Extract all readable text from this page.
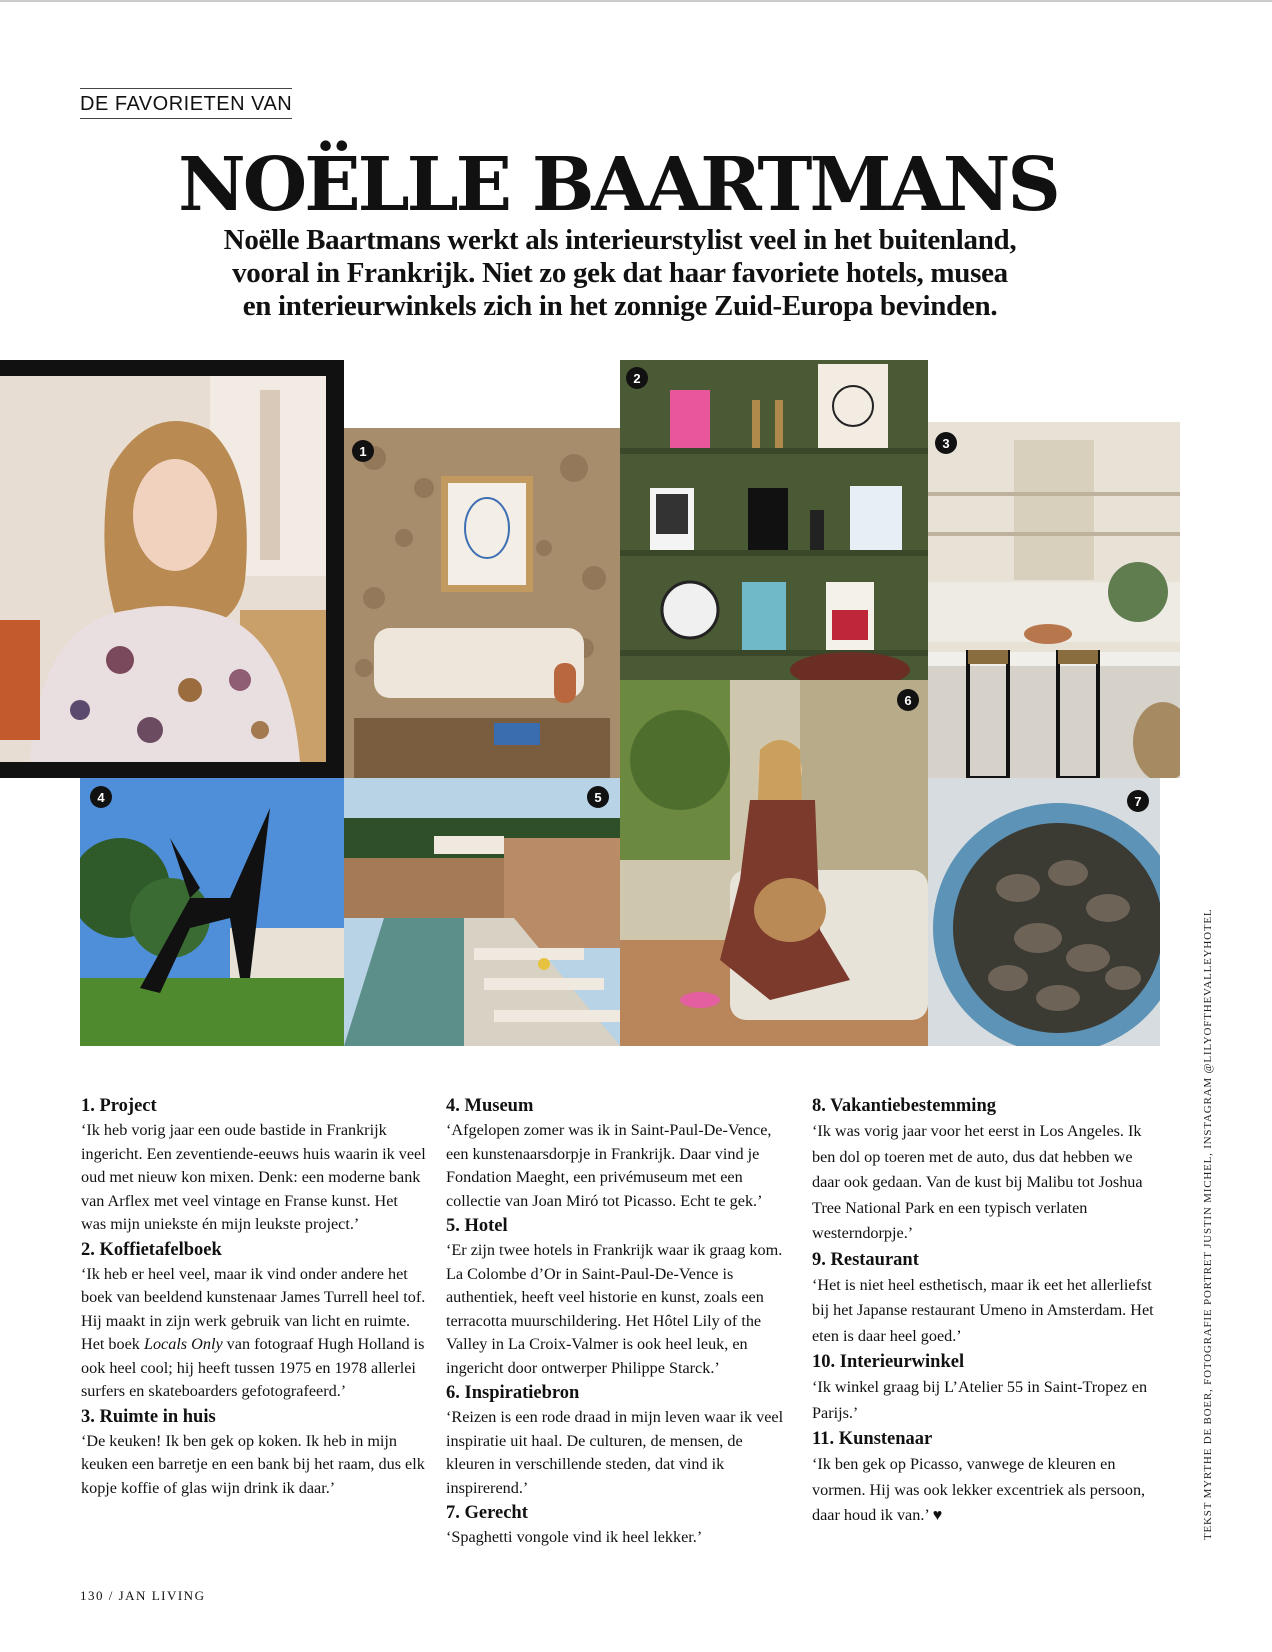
DE FAVORIETEN VAN
NOËLLE BAARTMANS
Noëlle Baartmans werkt als interieurstylist veel in het buitenland,
vooral in Frankrijk. Niet zo gek dat haar favoriete hotels, musea
en interieurwinkels zich in het zonnige Zuid-Europa bevinden.
1
2
3
4	5
6
7
1. Project

‘Ik heb vorig jaar een oude bastide in Frankrijk ingericht. Een zeventiende-eeuws huis waarin ik veel oud met nieuw kon mixen. Denk: een moderne bank van Arflex met veel vintage en Franse kunst. Het was mijn uniekste én mijn leukste project.’

2. Koffietafelboek

‘Ik heb er heel veel, maar ik vind onder andere het boek van beeldend kunstenaar James Turrell heel tof. Hij maakt in zijn werk gebruik van licht en ruimte. Het boek Locals Only van fotograaf Hugh Holland is ook heel cool; hij heeft tussen 1975 en 1978 allerlei surfers en skateboarders gefotografeerd.’

3. Ruimte in huis

‘De keuken! Ik ben gek op koken. Ik heb in mijn keuken een barretje en een bank bij het raam, dus elk kopje koffie of glas wijn drink ik daar.’

4. Museum

‘Afgelopen zomer was ik in Saint-Paul-De-Vence, een kunstenaarsdorpje in Frankrijk. Daar vind je Fondation Maeght, een privémuseum met een collectie van Joan Miró tot Picasso. Echt te gek.’

5. Hotel

‘Er zijn twee hotels in Frankrijk waar ik graag kom. La Colombe d’Or in Saint-Paul-De-Vence is authentiek, heeft veel historie en kunst, zoals een terracotta muurschildering. Het Hôtel Lily of the Valley in La Croix-Valmer is ook heel leuk, en ingericht door ontwerper Philippe Starck.’

6. Inspiratiebron

‘Reizen is een rode draad in mijn leven waar ik veel inspiratie uit haal. De culturen, de mensen, de kleuren in verschillende steden, dat vind ik inspirerend.’

7. Gerecht

‘Spaghetti vongole vind ik heel lekker.’

8. Vakantiebestemming

‘Ik was vorig jaar voor het eerst in Los Angeles. Ik ben dol op toeren met de auto, dus dat hebben we daar ook gedaan. Van de kust bij Malibu tot Joshua Tree National Park en een typisch verlaten westerndorpje.’

9. Restaurant

‘Het is niet heel esthetisch, maar ik eet het allerliefst bij het Japanse restaurant Umeno in Amsterdam. Het eten is daar heel goed.’

10. Interieurwinkel

‘Ik winkel graag bij L’Atelier 55 in Saint-Tropez en Parijs.’

11. Kunstenaar

‘Ik ben gek op Picasso, vanwege de kleuren en vormen. Hij was ook lekker excentriek als persoon, daar houd ik van.’ ♥

130 / JAN LIVING
TEKST MYRTHE DE BOER, FOTOGRAFIE PORTRET JUSTIN MICHEL, INSTAGRAM @LILYOFTHEVALLEYHOTEL
